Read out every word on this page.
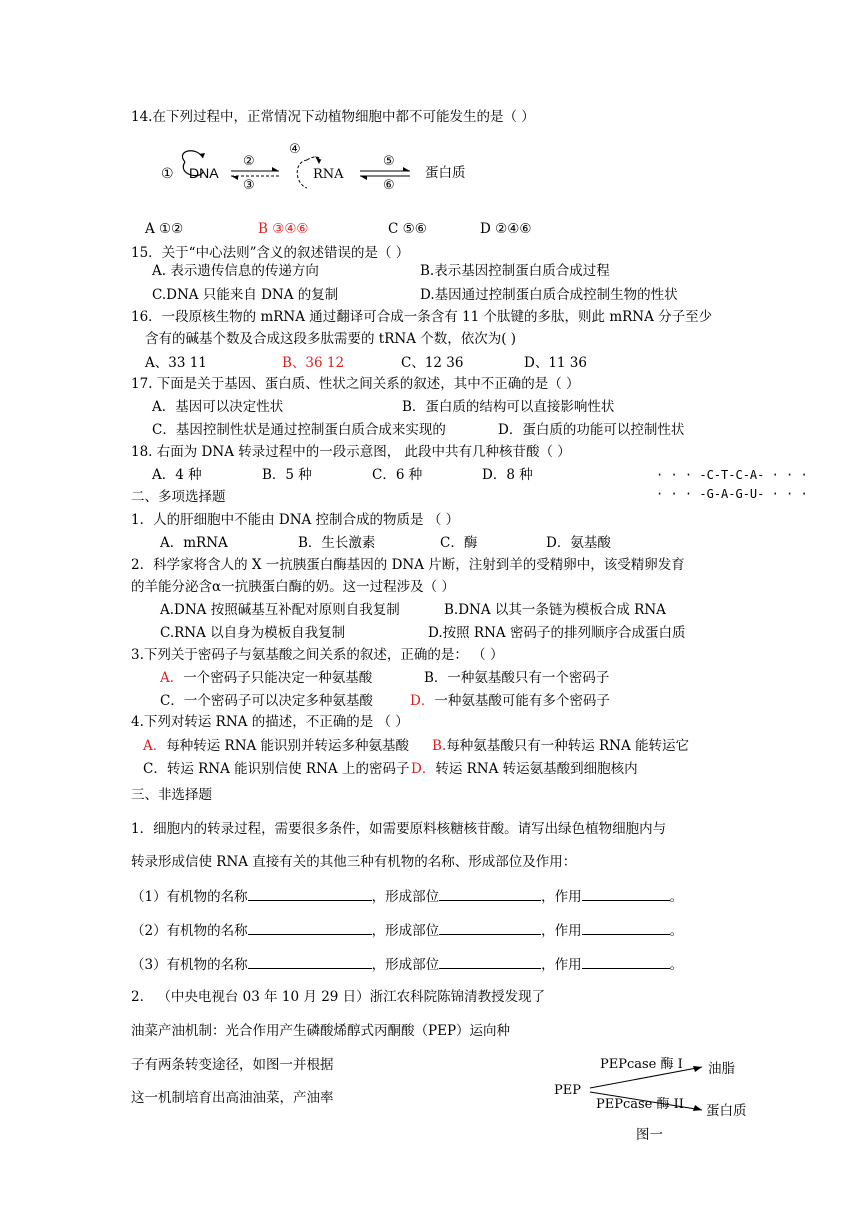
14.在下列过程中，正常情况下动植物细胞中都不可能发生的是（ ）
① DNA
②
③
④
RNA
⑤
⑥
蛋白质
A ①②	B ③④⑥	C ⑤⑥	D ②④⑥
15．关于“中心法则”含义的叙述错误的是（ ）
A. 表示遗传信息的传递方向	B.表示基因控制蛋白质合成过程
C.DNA 只能来自 DNA 的复制	D.基因通过控制蛋白质合成控制生物的性状
16．一段原核生物的 mRNA 通过翻译可合成一条含有 11 个肽键的多肽，则此 mRNA 分子至少
含有的碱基个数及合成这段多肽需要的 tRNA 个数，依次为( )
A、33 11	B、36 12	C、12 36	D、11 36
17. 下面是关于基因、蛋白质、性状之间关系的叙述，其中不正确的是（ ）
A．基因可以决定性状	B．蛋白质的结构可以直接影响性状
C．基因控制性状是通过控制蛋白质合成来实现的	D．蛋白质的功能可以控制性状
18. 右面为 DNA 转录过程中的一段示意图， 此段中共有几种核苷酸（ ）
A．4 种	B．5 种	C．6 种	D．8 种	· · · -C-T-C-A- · · ·
· · · -G-A-G-U- · · ·
二、多项选择题
1．人的肝细胞中不能由 DNA 控制合成的物质是 （ ）
A．mRNA	B．生长激素	C．酶	D．氨基酸
2．科学家将含人的 X 一抗胰蛋白酶基因的 DNA 片断，注射到羊的受精卵中，该受精卵发育
的羊能分泌含α一抗胰蛋白酶的奶。这一过程涉及（ ）
A.DNA 按照碱基互补配对原则自我复制	B.DNA 以其一条链为模板合成 RNA
C.RNA 以自身为模板自我复制	D.按照 RNA 密码子的排列顺序合成蛋白质
3.下列关于密码子与氨基酸之间关系的叙述，正确的是： （ ）
A．一个密码子只能决定一种氨基酸	B．一种氨基酸只有一个密码子
C．一个密码子可以决定多种氨基酸	D．一种氨基酸可能有多个密码子
4.下列对转运 RNA 的描述，不正确的是 （ ）
A．每种转运 RNA 能识别并转运多种氨基酸 B.每种氨基酸只有一种转运 RNA 能转运它
C．转运 RNA 能识别信使 RNA 上的密码子 D．转运 RNA 转运氨基酸到细胞核内
三、非选择题
1．细胞内的转录过程，需要很多条件，如需要原料核糖核苷酸。请写出绿色植物细胞内与
转录形成信使 RNA 直接有关的其他三种有机物的名称、形成部位及作用：
（1）有机物的名称	，形成部位	，作用	。
（2）有机物的名称	，形成部位	，作用	。
（3）有机物的名称	，形成部位	，作用	。
2． （中央电视台 03 年 10 月 29 日）浙江农科院陈锦清教授发现了
油菜产油机制：光合作用产生磷酸烯醇式丙酮酸（PEP）运向种
子有两条转变途径，如图一并根据
这一机制培育出高油油菜，产油率	PEP
PEPcase 酶 I 油脂
PEPcase 酶 II 蛋白质
图一
